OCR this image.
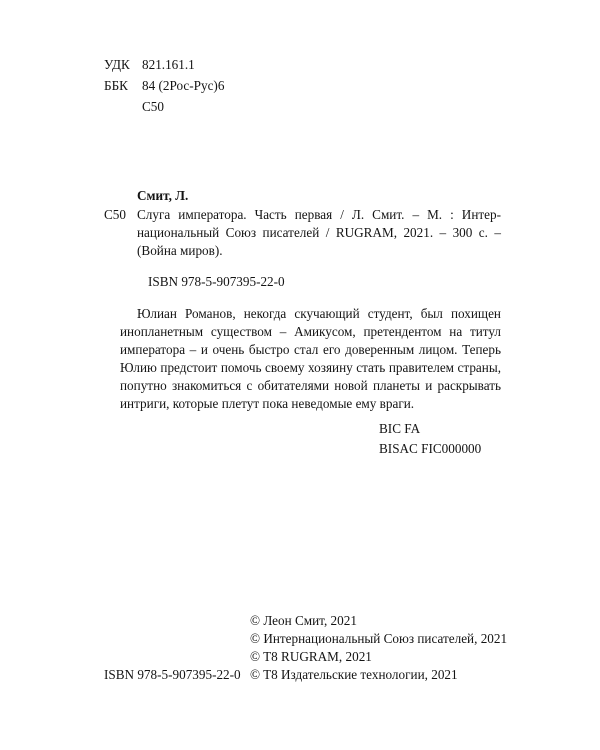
УДК 821.161.1
ББК 84 (2Рос-Рус)6
С50
Смит, Л.
С50 Слуга императора. Часть первая / Л. Смит. – М. : Интер-национальный Союз писателей / RUGRAM, 2021. – 300 с. – (Война миров).
ISBN 978-5-907395-22-0
Юлиан Романов, некогда скучающий студент, был похищен инопланетным существом – Амикусом, претендентом на титул императора – и очень быстро стал его доверенным лицом. Теперь Юлию предстоит помочь своему хозяину стать правителем страны, попутно знакомиться с обитателями новой планеты и раскрывать интриги, которые плетут пока неведомые ему враги.
BIC FA
BISAC FIC000000
ISBN 978-5-907395-22-0
© Леон Смит, 2021
© Интернациональный Союз писателей, 2021
© T8 RUGRAM, 2021
© T8 Издательские технологии, 2021
